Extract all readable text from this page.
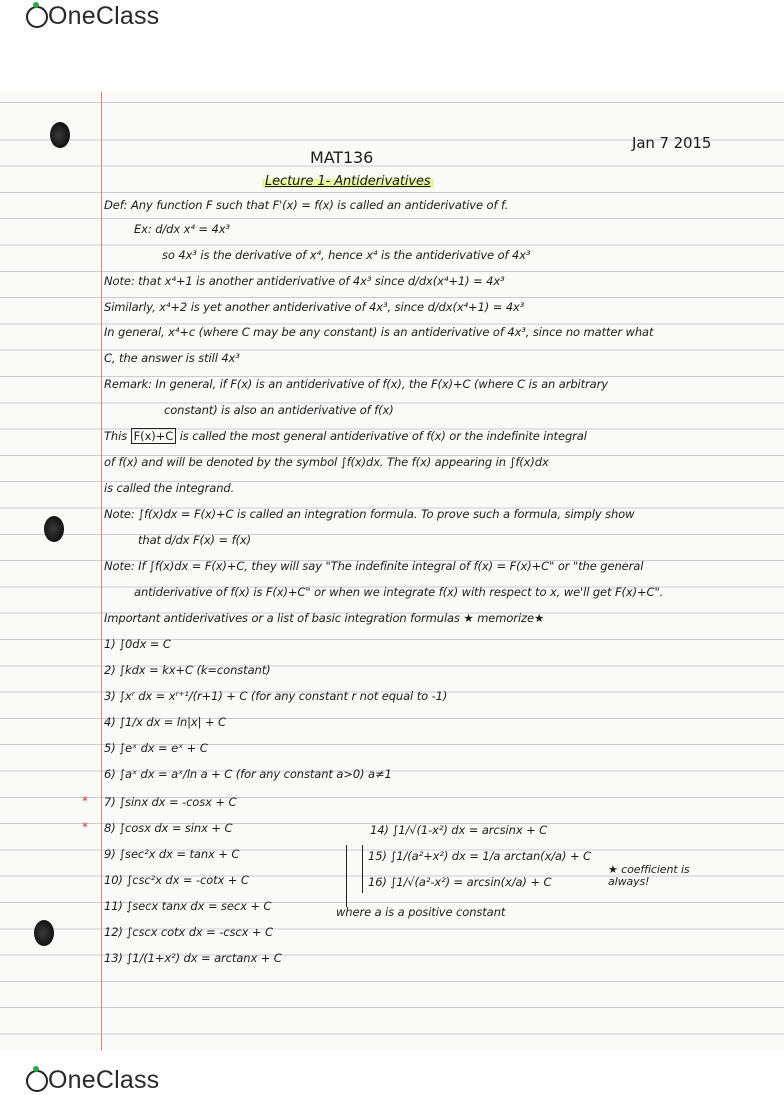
OneClass
MAT136
Jan 7 2015
Lecture 1- Antiderivatives
Def: Any function F such that F'(x) = f(x) is called an antiderivative of f.
Ex: d/dx x⁴ = 4x³
so 4x³ is the derivative of x⁴, hence x⁴ is the antiderivative of 4x³
Note: that x⁴+1 is another antiderivative of 4x³ since d/dx(x⁴+1) = 4x³
Similarly, x⁴+2 is yet another antiderivative of 4x³, since d/dx(x⁴+1) = 4x³
In general, x⁴+c (where C may be any constant) is an antiderivative of 4x³, since no matter what
C, the answer is still 4x³
Remark: In general, if F(x) is an antiderivative of f(x), the F(x)+C (where C is an arbitrary
constant) is also an antiderivative of f(x)
This F(x)+C is called the most general antiderivative of f(x) or the indefinite integral
of f(x) and will be denoted by the symbol ∫f(x)dx. The f(x) appearing in ∫f(x)dx
is called the integrand.
Note: ∫f(x)dx = F(x)+C is called an integration formula. To prove such a formula, simply show
that d/dx F(x) = f(x)
Note: If ∫f(x)dx = F(x)+C, they will say "The indefinite integral of f(x) = F(x)+C" or "the general
antiderivative of f(x) is F(x)+C" or when we integrate f(x) with respect to x, we'll get F(x)+C".
Important antiderivatives or a list of basic integration formulas ★ memorize★
1) ∫0dx = C
2) ∫kdx = kx+C (k=constant)
3) ∫xʳ dx = xʳ⁺¹/(r+1) + C (for any constant r not equal to -1)
4) ∫1/x dx = ln|x| + C
5) ∫eˣ dx = eˣ + C
6) ∫aˣ dx = aˣ/ln a + C (for any constant a>0) a≠1
7) ∫sinx dx = -cosx + C
8) ∫cosx dx = sinx + C
9) ∫sec²x dx = tanx + C
10) ∫csc²x dx = -cotx + C
11) ∫secx tanx dx = secx + C
12) ∫cscx cotx dx = -cscx + C
13) ∫1/(1+x²) dx = arctanx + C
*
*	14) ∫1/√(1-x²) dx = arcsinx + C
15) ∫1/(a²+x²) dx = 1/a arctan(x/a) + C
16) ∫1/√(a²-x²) = arcsin(x/a) + C
★ coefficient is always!
where a is a positive constant
OneClass
